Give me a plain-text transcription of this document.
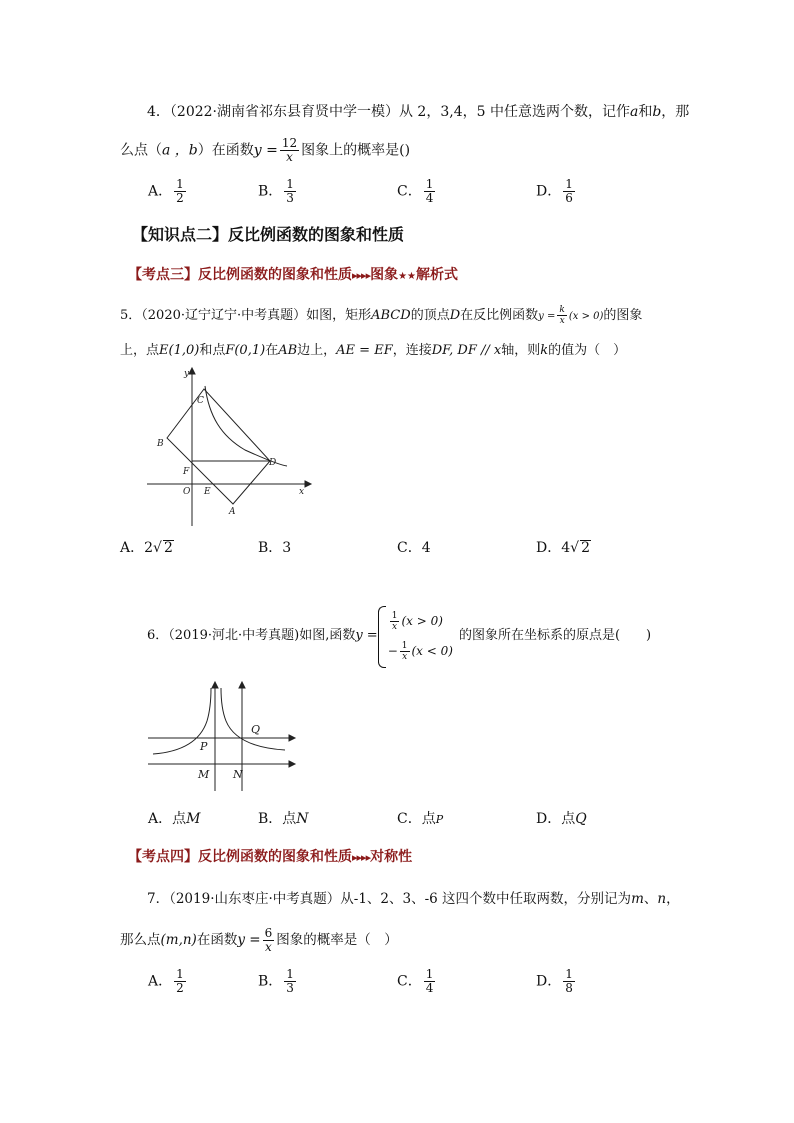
4．（2022·湖南省祁东县育贤中学一模）从 2，3,4，5 中任意选两个数，记作a和b，那
么点（a ，b）在函数$y = \frac{12}{x}$ 图象上的概率是()
A． $\frac{1}{2}$	B． $\frac{1}{3}$	C． $\frac{1}{4}$	D． $\frac{1}{6}$
【知识点二】反比例函数的图象和性质
【考点三】反比例函数的图象和性质▸▸▸▸图象★★解析式
5．（2020·辽宁辽宁·中考真题）如图，矩形ABCD的顶点D在反比例函数$y = \frac{k}{x} (x > 0)$的图象
上，点E(1,0)和点F(0,1)在AB边上，AE = EF，连接DF, DF // x轴，则k的值为（　）
y
x
C
B
F
D
O E
A
A．2√ 2	B．3	C．4	D．4√ 2
6．（2019·河北·中考真题)如图,函数 y =
$\frac{1}{x} (x > 0)$
− $\frac{1}{x} (x < 0)$
的图象所在坐标系的原点是(　　)
Q
P
M N
A．点M	B．点N	C．点P	D．点Q
【考点四】反比例函数的图象和性质▸▸▸▸对称性
7．（2019·山东枣庄·中考真题）从-1、2、3、-6 这四个数中任取两数，分别记为m、n，
那么点(m,n)在函数$y = \frac{6}{x}$ 图象的概率是（　）
A． $\frac{1}{2}$	B． $\frac{1}{3}$	C． $\frac{1}{4}$	D． $\frac{1}{8}$
